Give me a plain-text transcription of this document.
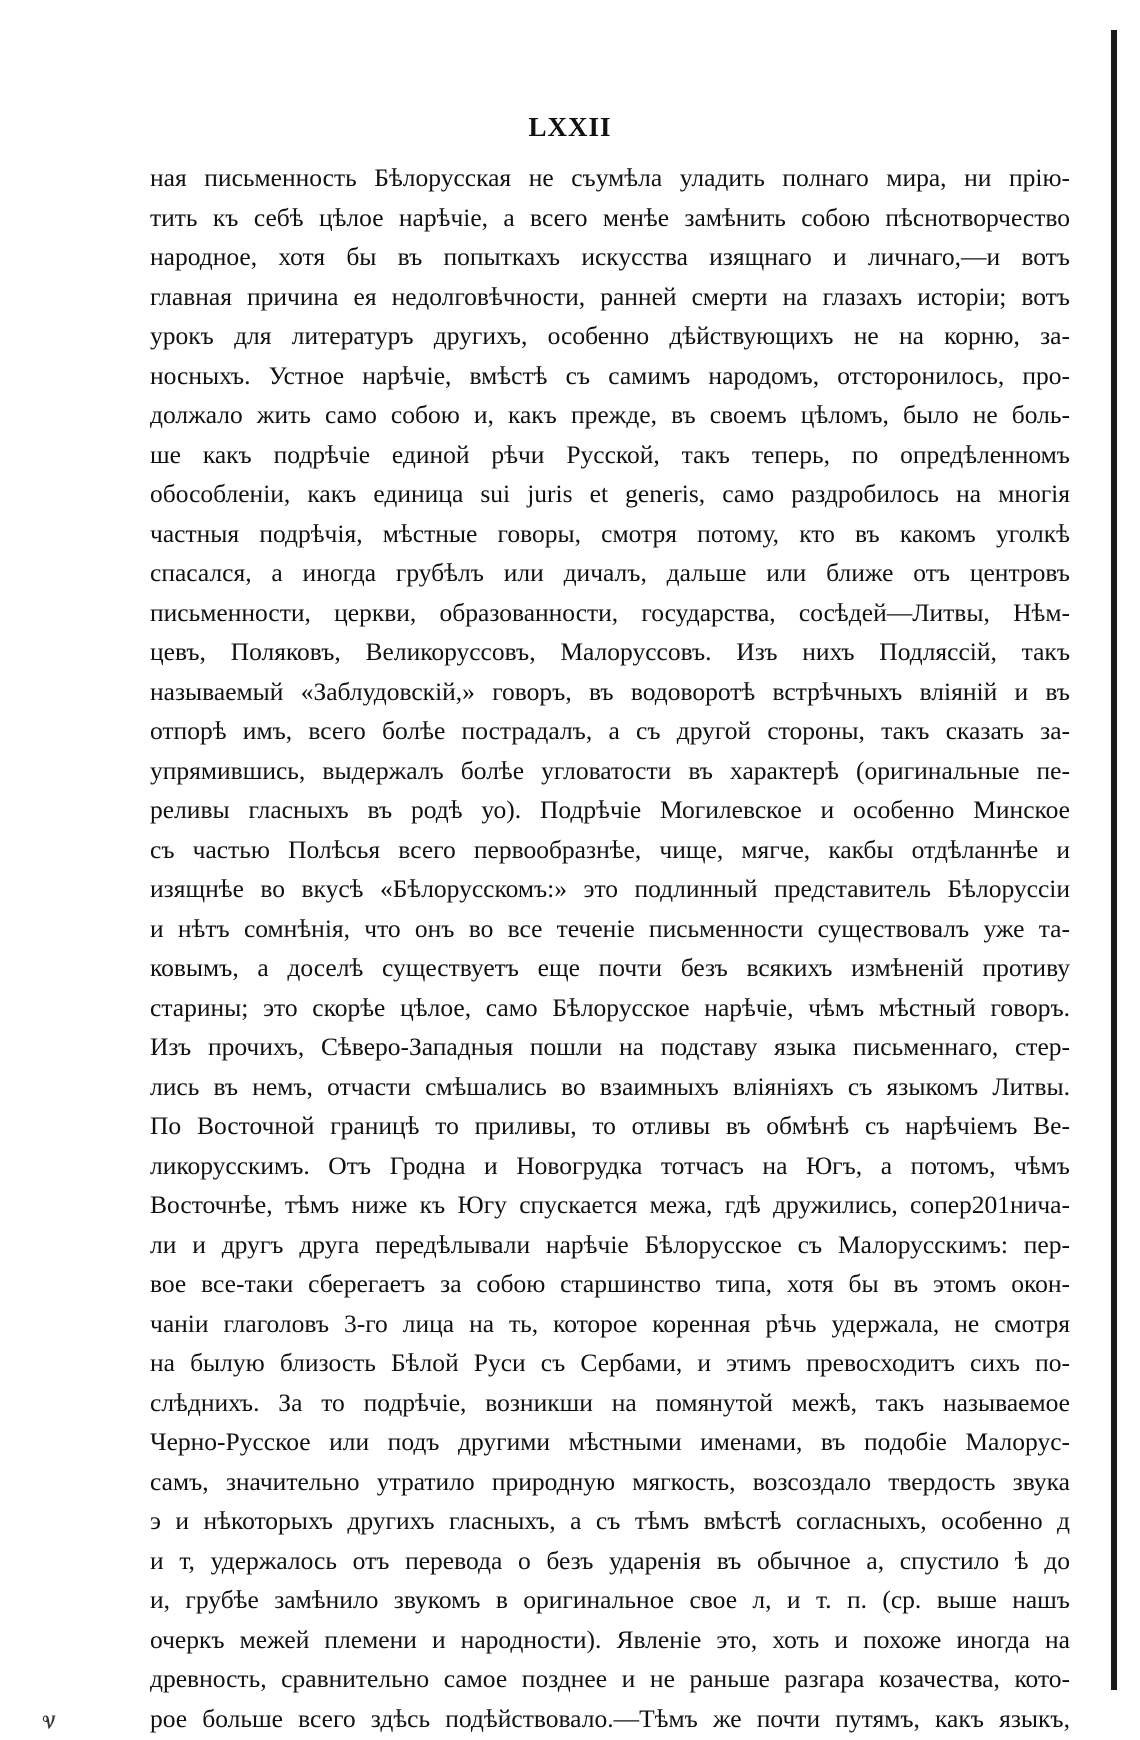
LXXII
ная письменность Бѣлорусская не съумѣла уладить полнаго мира, ни прію-
тить къ себѣ цѣлое нарѣчіе, а всего менѣе замѣнить собою пѣснотворчество
народное, хотя бы въ попыткахъ искусства изящнаго и личнаго,—и вотъ
главная причина ея недолговѣчности, ранней смерти на глазахъ исторіи; вотъ
урокъ для литературъ другихъ, особенно дѣйствующихъ не на корню, за-
носныхъ. Устное нарѣчіе, вмѣстѣ съ самимъ народомъ, отсторонилось, про-
должало жить само собою и, какъ прежде, въ своемъ цѣломъ, было не боль-
ше какъ подрѣчіе единой рѣчи Русской, такъ теперь, по опредѣленномъ
обособленіи, какъ единица sui juris et generis, само раздробилось на многія
частныя подрѣчія, мѣстные говоры, смотря потому, кто въ какомъ уголкѣ
спасался, а иногда грубѣлъ или дичалъ, дальше или ближе отъ центровъ
письменности, церкви, образованности, государства, сосѣдей—Литвы, Нѣм-
цевъ, Поляковъ, Великоруссовъ, Малоруссовъ. Изъ нихъ Подляссій, такъ
называемый «Заблудовскій,» говоръ, въ водоворотѣ встрѣчныхъ вліяній и въ
отпорѣ имъ, всего болѣе пострадалъ, а съ другой стороны, такъ сказать за-
упрямившись, выдержалъ болѣе угловатости въ характерѣ (оригинальные пе-
реливы гласныхъ въ родѣ уо). Подрѣчіе Могилевское и особенно Минское
съ частью Полѣсья всего первообразнѣе, чище, мягче, какбы отдѣланнѣе и
изящнѣе во вкусѣ «Бѣлорусскомъ:» это подлинный представитель Бѣлоруссіи
и нѣтъ сомнѣнія, что онъ во все теченіе письменности существовалъ уже та-
ковымъ, а доселѣ существуетъ еще почти безъ всякихъ измѣненій противу
старины; это скорѣе цѣлое, само Бѣлорусское нарѣчіе, чѣмъ мѣстный говоръ.
Изъ прочихъ, Сѣверо-Западныя пошли на подставу языка письменнаго, стер-
лись въ немъ, отчасти смѣшались во взаимныхъ вліяніяхъ съ языкомъ Литвы.
По Восточной границѣ то приливы, то отливы въ обмѣнѣ съ нарѣчіемъ Ве-
ликорусскимъ. Отъ Гродна и Новогрудка тотчасъ на Югъ, а потомъ, чѣмъ
Восточнѣе, тѣмъ ниже къ Югу спускается межа, гдѣ дружились, сопер201нича-
ли и другъ друга передѣлывали нарѣчіе Бѣлорусское съ Малорусскимъ: пер-
вое все-таки сберегаетъ за собою старшинство типа, хотя бы въ этомъ окон-
чаніи глаголовъ 3-го лица на ть, которое коренная рѣчь удержала, не смотря
на былую близость Бѣлой Руси съ Сербами, и этимъ превосходитъ сихъ по-
слѣднихъ. За то подрѣчіе, возникши на помянутой межѣ, такъ называемое
Черно-Русское или подъ другими мѣстными именами, въ подобіе Малорус-
самъ, значительно утратило природную мягкость, возсоздало твердость звука
э и нѣкоторыхъ другихъ гласныхъ, а съ тѣмъ вмѣстѣ согласныхъ, особенно д
и т, удержалось отъ перевода о безъ ударенія въ обычное а, спустило ѣ до
и, грубѣе замѣнило звукомъ в оригинальное свое л, и т. п. (ср. выше нашъ
очеркъ межей племени и народности). Явленіе это, хоть и похоже иногда на
древность, сравнительно самое позднее и не раньше разгара козачества, кото-
рое больше всего здѣсь подѣйствовало.—Тѣмъ же почти путямъ, какъ языкъ,
Ⱌ
